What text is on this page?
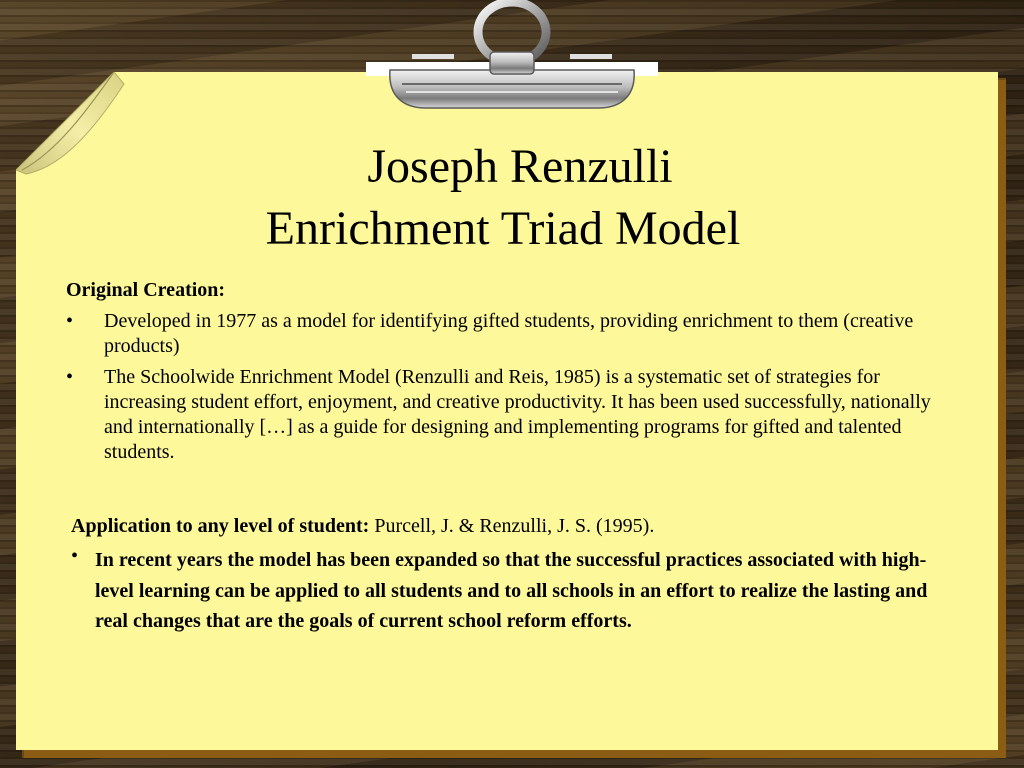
Joseph Renzulli
Enrichment Triad Model
Original Creation:
•	Developed in 1977 as a model for identifying gifted students, providing enrichment to them (creative products)
•	The Schoolwide Enrichment Model (Renzulli and Reis, 1985) is a systematic set of strategies for increasing student effort, enjoyment, and creative productivity. It has been used successfully, nationally and internationally […] as a guide for designing and implementing programs for gifted and talented students.
Application to any level of student: Purcell, J. & Renzulli, J. S. (1995).
• In recent years the model has been expanded so that the successful practices associated with high-level learning can be applied to all students and to all schools in an effort to realize the lasting and real changes that are the goals of current school reform efforts.
